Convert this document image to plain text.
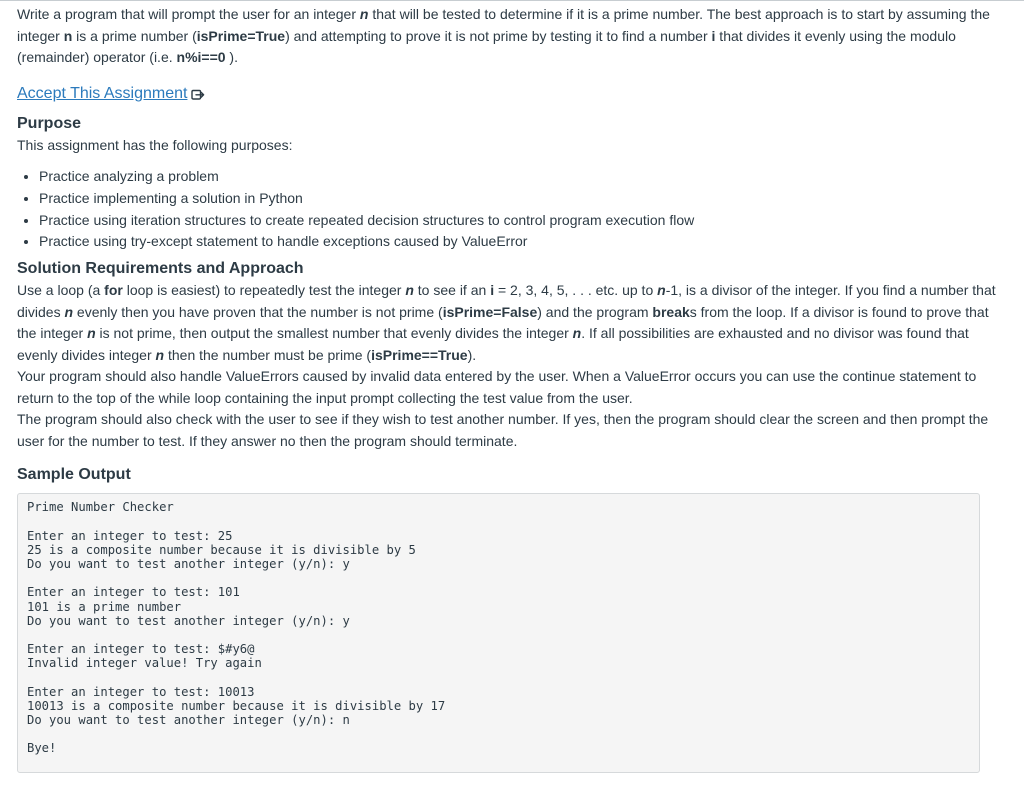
Write a program that will prompt the user for an integer n that will be tested to determine if it is a prime number. The best approach is to start by assuming the integer n is a prime number (isPrime=True) and attempting to prove it is not prime by testing it to find a number i that divides it evenly using the modulo (remainder) operator (i.e. n%i==0 ).

Accept This Assignment
Purpose

This assignment has the following purposes:

• Practice analyzing a problem
• Practice implementing a solution in Python
• Practice using iteration structures to create repeated decision structures to control program execution flow
• Practice using try-except statement to handle exceptions caused by ValueError
Solution Requirements and Approach

Use a loop (a for loop is easiest) to repeatedly test the integer n to see if an i = 2, 3, 4, 5, . . . etc. up to n-1, is a divisor of the integer. If you find a number that divides n evenly then you have proven that the number is not prime (isPrime=False) and the program breaks from the loop. If a divisor is found to prove that the integer n is not prime, then output the smallest number that evenly divides the integer n. If all possibilities are exhausted and no divisor was found that evenly divides integer n then the number must be prime (isPrime==True).

Your program should also handle ValueErrors caused by invalid data entered by the user. When a ValueError occurs you can use the continue statement to return to the top of the while loop containing the input prompt collecting the test value from the user.

The program should also check with the user to see if they wish to test another number. If yes, then the program should clear the screen and then prompt the user for the number to test. If they answer no then the program should terminate.

Sample Output
Prime Number Checker
Enter an integer to test: 25
25 is a composite number because it is divisible by 5
Do you want to test another integer (y/n): y
Enter an integer to test: 101
101 is a prime number
Do you want to test another integer (y/n): y
Enter an integer to test: $#y6@
Invalid integer value! Try again
Enter an integer to test: 10013
10013 is a composite number because it is divisible by 17
Do you want to test another integer (y/n): n
Bye!
